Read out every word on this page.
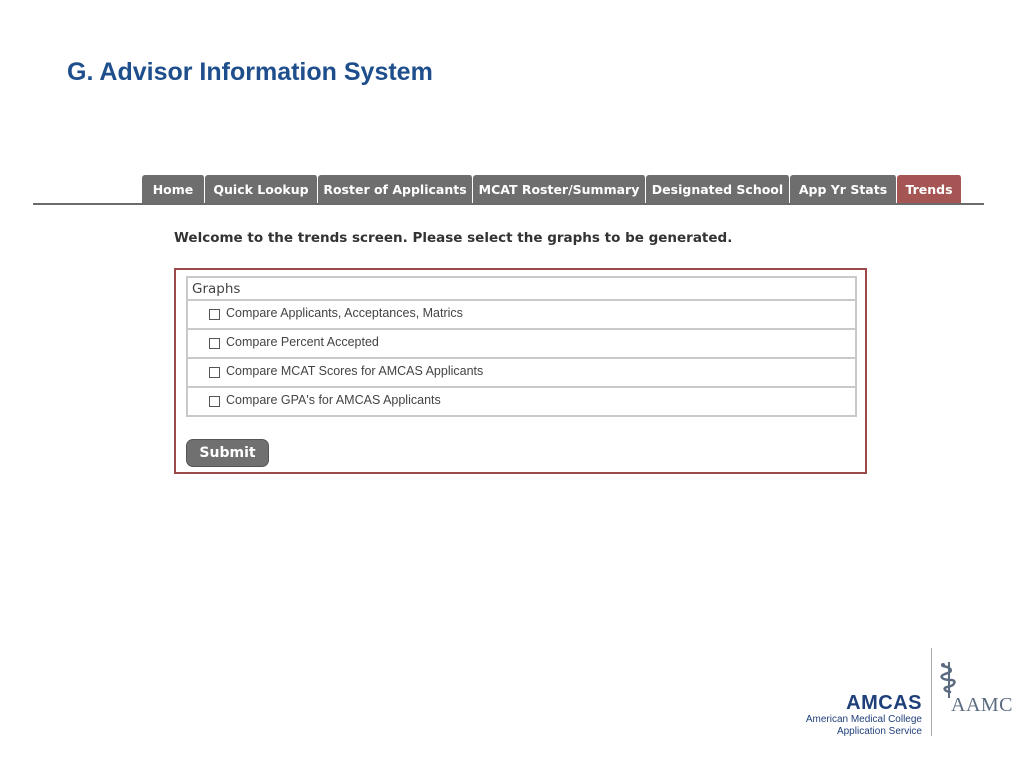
G. Advisor Information System
Home	Quick Lookup	Roster of Applicants MCAT Roster/Summary Designated School	App Yr Stats	Trends
Welcome to the trends screen. Please select the graphs to be generated.
Graphs
Compare Applicants, Acceptances, Matrics
Compare Percent Accepted
Compare MCAT Scores for AMCAS Applicants
Compare GPA's for AMCAS Applicants
Submit
AMCAS
American Medical College
Application Service
AAMC
